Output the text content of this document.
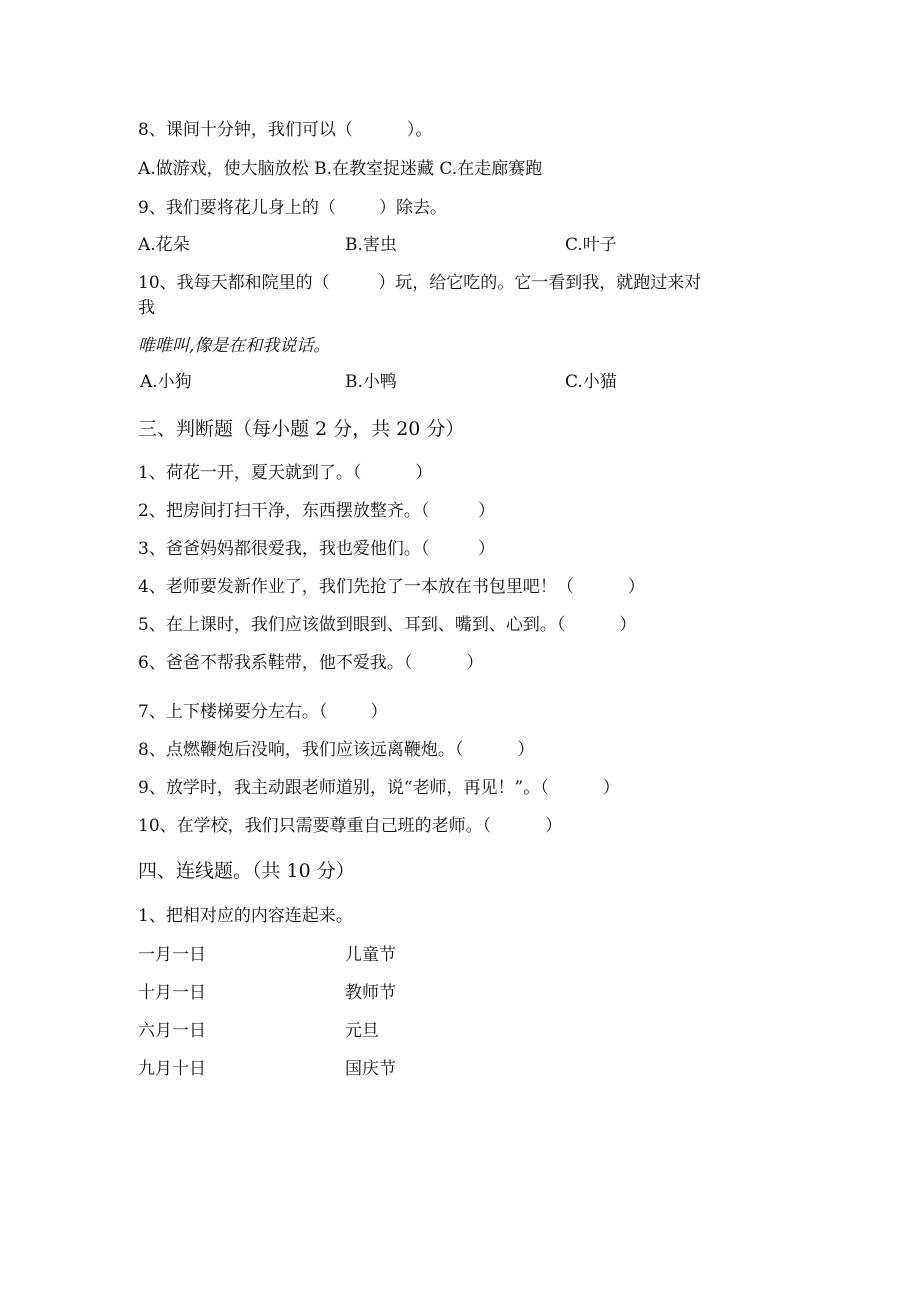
8、课间十分钟，我们可以（          ）。
A.做游戏，使大脑放松 B.在教室捉迷藏 C.在走廊赛跑
9、我们要将花儿身上的（        ）除去。
A.花朵	B.害虫	C.叶子
10、我每天都和院里的（         ）玩，给它吃的。它一看到我，就跑过来对
我
唯唯叫,像是在和我说话。
A.小狗	B.小鸭	C.小猫
三、判断题（每小题 2 分，共 20 分）
1、荷花一开，夏天就到了。（          ）
2、把房间打扫干净，东西摆放整齐。（         ）
3、爸爸妈妈都很爱我，我也爱他们。（         ）
4、老师要发新作业了，我们先抢了一本放在书包里吧！（          ）
5、在上课时，我们应该做到眼到、耳到、嘴到、心到。（          ）
6、爸爸不帮我系鞋带，他不爱我。（          ）
7、上下楼梯要分左右。（        ）
8、点燃鞭炮后没响，我们应该远离鞭炮。（          ）
9、放学时，我主动跟老师道别，说“老师，再见！”。（          ）
10、在学校，我们只需要尊重自己班的老师。（          ）
四、连线题。（共 10 分）
1、把相对应的内容连起来。
一月一日	儿童节
十月一日	教师节
六月一日	元旦
九月十日	国庆节
